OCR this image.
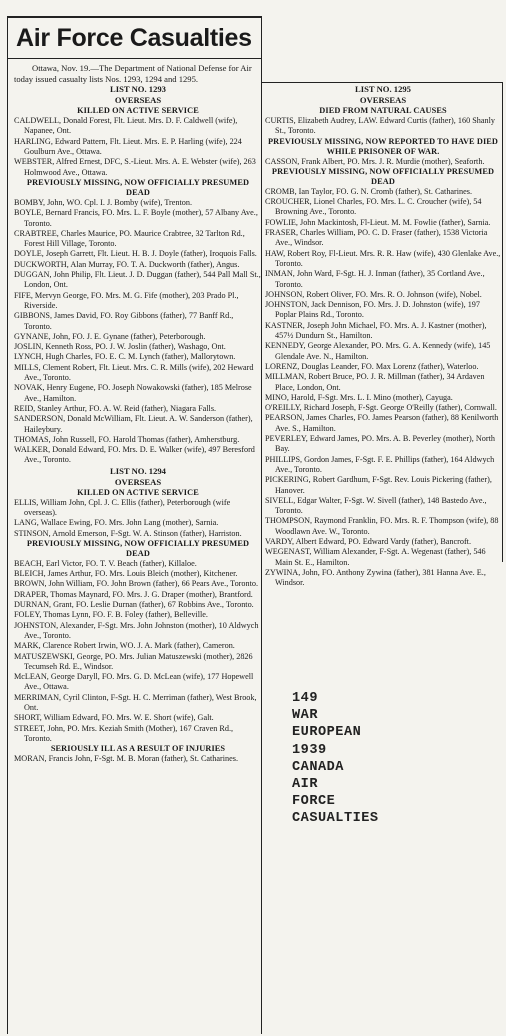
Air Force Casualties
Ottawa, Nov. 19.—The Department of National Defense for Air today issued casualty lists Nos. 1293, 1294 and 1295.
LIST NO. 1293
OVERSEAS
KILLED ON ACTIVE SERVICE
CALDWELL, Donald Forest, Flt. Lieut. Mrs. D. F. Caldwell (wife), Napanee, Ont.
HARLING, Edward Pattern, Flt. Lieut. Mrs. E. P. Harling (wife), 224 Goulburn Ave., Ottawa.
WEBSTER, Alfred Ernest, DFC, S.-Lieut. Mrs. A. E. Webster (wife), 263 Holmwood Ave., Ottawa.
PREVIOUSLY MISSING, NOW OFFICIALLY PRESUMED DEAD
BOMBY, John, WO. Cpl. I. J. Bomby (wife), Trenton.
BOYLE, Bernard Francis, FO. Mrs. L. F. Boyle (mother), 57 Albany Ave., Toronto.
CRABTREE, Charles Maurice, PO. Maurice Crabtree, 32 Tarlton Rd., Forest Hill Village, Toronto.
DOYLE, Joseph Garrett, Flt. Lieut. H. B. J. Doyle (father), Iroquois Falls.
DUCKWORTH, Alan Murray, FO. T. A. Duckworth (father), Angus.
DUGGAN, John Philip, Flt. Lieut. J. D. Duggan (father), 544 Pall Mall St., London, Ont.
FIFE, Mervyn George, FO. Mrs. M. G. Fife (mother), 203 Prado Pl., Riverside.
GIBBONS, James David, FO. Roy Gibbons (father), 77 Banff Rd., Toronto.
GYNANE, John, FO. J. E. Gynane (father), Peterborough.
JOSLIN, Kenneth Ross, PO. J. W. Joslin (father), Washago, Ont.
LYNCH, Hugh Charles, FO. E. C. M. Lynch (father), Mallorytown.
MILLS, Clement Robert, Flt. Lieut. Mrs. C. R. Mills (wife), 202 Heward Ave., Toronto.
NOVAK, Henry Eugene, FO. Joseph Nowakowski (father), 185 Melrose Ave., Hamilton.
REID, Stanley Arthur, FO. A. W. Reid (father), Niagara Falls.
SANDERSON, Donald McWilliam, Flt. Lieut. A. W. Sanderson (father), Haileybury.
THOMAS, John Russell, FO. Harold Thomas (father), Amherstburg.
WALKER, Donald Edward, FO. Mrs. D. E. Walker (wife), 497 Beresford Ave., Toronto.
LIST NO. 1294
OVERSEAS
KILLED ON ACTIVE SERVICE
ELLIS, William John, Cpl. J. C. Ellis (father), Peterborough (wife overseas).
LANG, Wallace Ewing, FO. Mrs. John Lang (mother), Sarnia.
STINSON, Arnold Emerson, F-Sgt. W. A. Stinson (father), Harriston.
PREVIOUSLY MISSING, NOW OFFICIALLY PRESUMED DEAD
BEACH, Earl Victor, FO. T. V. Beach (father), Killaloe.
BLEICH, James Arthur, FO. Mrs. Louis Bleich (mother), Kitchener.
BROWN, John William, FO. John Brown (father), 66 Pears Ave., Toronto.
DRAPER, Thomas Maynard, FO. Mrs. J. G. Draper (mother), Brantford.
DURNAN, Grant, FO. Leslie Durnan (father), 67 Robbins Ave., Toronto.
FOLEY, Thomas Lynn, FO. F. B. Foley (father), Belleville.
JOHNSTON, Alexander, F-Sgt. Mrs. John Johnston (mother), 10 Aldwych Ave., Toronto.
MARK, Clarence Robert Irwin, WO. J. A. Mark (father), Cameron.
MATUSZEWSKI, George, PO. Mrs. Julian Matuszewski (mother), 2826 Tecumseh Rd. E., Windsor.
McLEAN, George Daryll, FO. Mrs. G. D. McLean (wife), 177 Hopewell Ave., Ottawa.
MERRIMAN, Cyril Clinton, F-Sgt. H. C. Merriman (father), West Brook, Ont.
SHORT, William Edward, FO. Mrs. W. E. Short (wife), Galt.
STREET, John, PO. Mrs. Keziah Smith (Mother), 167 Craven Rd., Toronto.
SERIOUSLY ILL AS A RESULT OF INJURIES
MORAN, Francis John, F-Sgt. M. B. Moran (father), St. Catharines.
LIST NO. 1295
OVERSEAS
DIED FROM NATURAL CAUSES
CURTIS, Elizabeth Audrey, LAW. Edward Curtis (father), 160 Shanly St., Toronto.
PREVIOUSLY MISSING, NOW REPORTED TO HAVE DIED WHILE PRISONER OF WAR.
CASSON, Frank Albert, PO. Mrs. J. R. Murdie (mother), Seaforth.
PREVIOUSLY MISSING, NOW OFFICIALLY PRESUMED DEAD
CROMB, Ian Taylor, FO. G. N. Cromb (father), St. Catharines.
CROUCHER, Lionel Charles, FO. Mrs. L. C. Croucher (wife), 54 Browning Ave., Toronto.
FOWLIE, John Mackintosh, Fl-Lieut. M. M. Fowlie (father), Sarnia.
FRASER, Charles William, PO. C. D. Fraser (father), 1538 Victoria Ave., Windsor.
HAW, Robert Roy, Fl-Lieut. Mrs. R. R. Haw (wife), 430 Glenlake Ave., Toronto.
INMAN, John Ward, F-Sgt. H. J. Inman (father), 35 Cortland Ave., Toronto.
JOHNSON, Robert Oliver, FO. Mrs. R. O. Johnson (wife), Nobel.
JOHNSTON, Jack Dennison, FO. Mrs. J. D. Johnston (wife), 197 Poplar Plains Rd., Toronto.
KASTNER, Joseph John Michael, FO. Mrs. A. J. Kastner (mother), 457½ Dundurn St., Hamilton.
KENNEDY, George Alexander, PO. Mrs. G. A. Kennedy (wife), 145 Glendale Ave. N., Hamilton.
LORENZ, Douglas Leander, FO. Max Lorenz (father), Waterloo.
MILLMAN, Robert Bruce, PO. J. R. Millman (father), 34 Ardaven Place, London, Ont.
MINO, Harold, F-Sgt. Mrs. L. I. Mino (mother), Cayuga.
O'REILLY, Richard Joseph, F-Sgt. George O'Reilly (father), Cornwall.
PEARSON, James Charles, FO. James Pearson (father), 88 Kenilworth Ave. S., Hamilton.
PEVERLEY, Edward James, PO. Mrs. A. B. Peverley (mother), North Bay.
PHILLIPS, Gordon James, F-Sgt. F. E. Phillips (father), 164 Aldwych Ave., Toronto.
PICKERING, Robert Gardhum, F-Sgt. Rev. Louis Pickering (father), Hanover.
SIVELL, Edgar Walter, F-Sgt. W. Sivell (father), 148 Bastedo Ave., Toronto.
THOMPSON, Raymond Franklin, FO. Mrs. R. F. Thompson (wife), 88 Woodlawn Ave. W., Toronto.
VARDY, Albert Edward, PO. Edward Vardy (father), Bancroft.
WEGENAST, William Alexander, F-Sgt. A. Wegenast (father), 546 Main St. E., Hamilton.
ZYWINA, John, FO. Anthony Zywina (father), 381 Hanna Ave. E., Windsor.
149
WAR
EUROPEAN
1939
CANADA
AIR
FORCE
CASUALTIES
